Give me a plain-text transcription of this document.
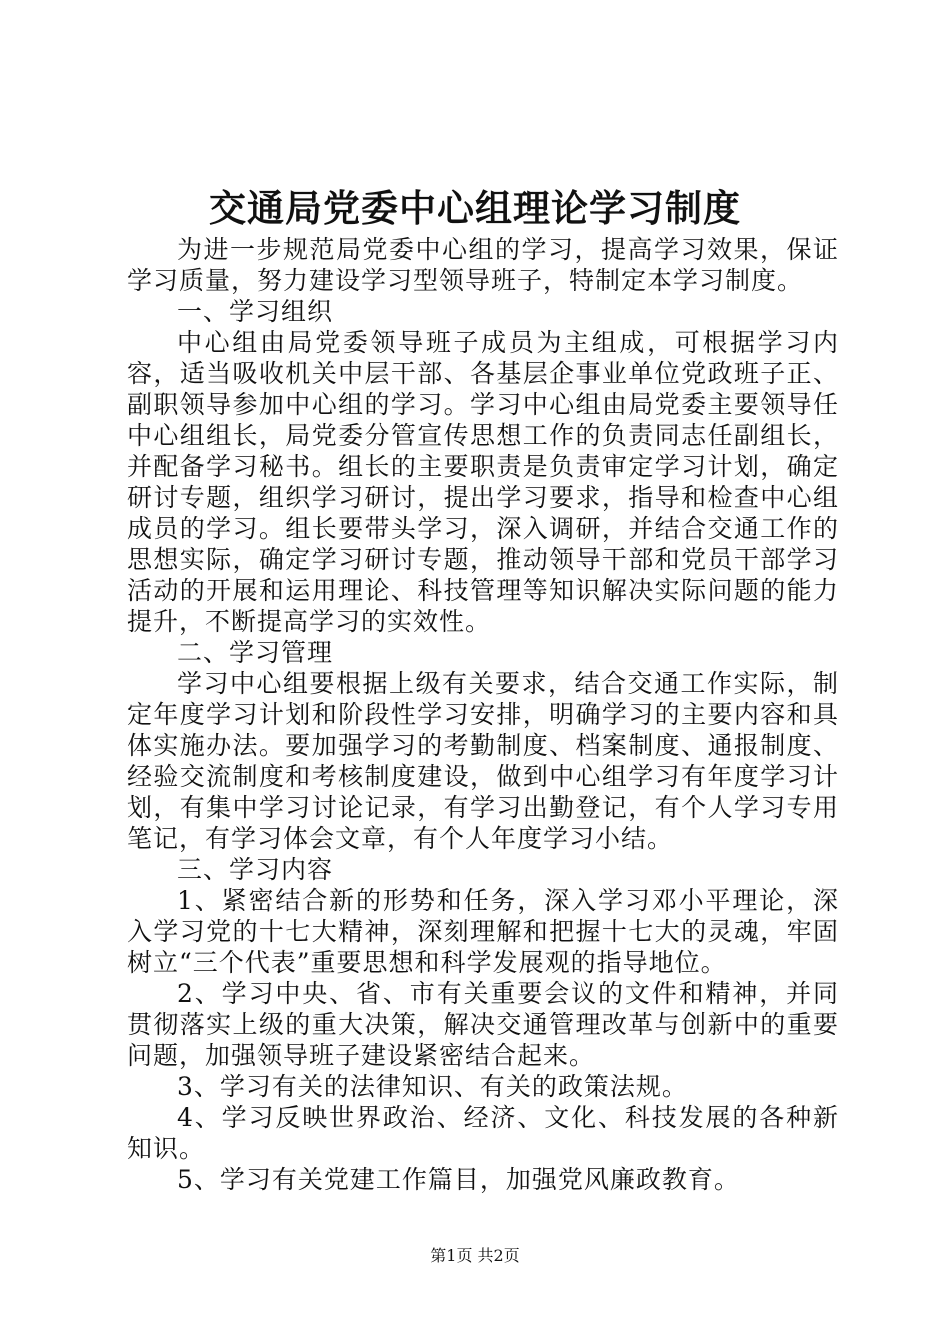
交通局党委中心组理论学习制度

为进一步规范局党委中心组的学习，提高学习效果，保证学习质量，努力建设学习型领导班子，特制定本学习制度。

一、学习组织

中心组由局党委领导班子成员为主组成，可根据学习内容，适当吸收机关中层干部、各基层企事业单位党政班子正、副职领导参加中心组的学习。学习中心组由局党委主要领导任中心组组长，局党委分管宣传思想工作的负责同志任副组长，并配备学习秘书。组长的主要职责是负责审定学习计划，确定研讨专题，组织学习研讨，提出学习要求，指导和检查中心组成员的学习。组长要带头学习，深入调研，并结合交通工作的思想实际，确定学习研讨专题，推动领导干部和党员干部学习活动的开展和运用理论、科技管理等知识解决实际问题的能力提升，不断提高学习的实效性。

二、学习管理

学习中心组要根据上级有关要求，结合交通工作实际，制定年度学习计划和阶段性学习安排，明确学习的主要内容和具体实施办法。要加强学习的考勤制度、档案制度、通报制度、经验交流制度和考核制度建设，做到中心组学习有年度学习计划，有集中学习讨论记录，有学习出勤登记，有个人学习专用笔记，有学习体会文章，有个人年度学习小结。

三、学习内容

1、紧密结合新的形势和任务，深入学习邓小平理论，深入学习党的十七大精神，深刻理解和把握十七大的灵魂，牢固树立“三个代表”重要思想和科学发展观的指导地位。

2、学习中央、省、市有关重要会议的文件和精神，并同贯彻落实上级的重大决策，解决交通管理改革与创新中的重要问题，加强领导班子建设紧密结合起来。

3、学习有关的法律知识、有关的政策法规。

4、学习反映世界政治、经济、文化、科技发展的各种新知识。

5、学习有关党建工作篇目，加强党风廉政教育。

第1页 共2页
